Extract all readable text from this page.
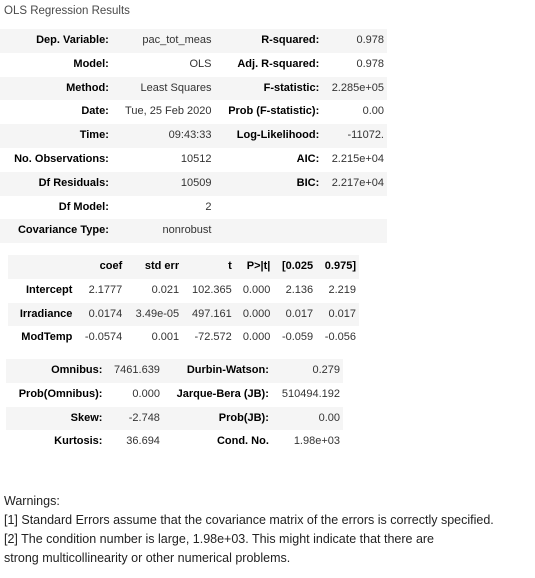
OLS Regression Results
Dep. Variable:	pac_tot_meas	R-squared:	0.978
Model:	OLS	Adj. R-squared:	0.978
Method:	Least Squares	F-statistic:	2.285e+05
Date:	Tue, 25 Feb 2020	Prob (F-statistic):	0.00
Time:	09:43:33	Log-Likelihood:	-11072.
No. Observations:	10512	AIC:	2.215e+04
Df Residuals:	10509	BIC:	2.217e+04
Df Model:	2		
Covariance Type:	nonrobust		
	coef	std err	t	P>|t|	[0.025	0.975]
Intercept	2.1777	0.021	102.365	0.000	2.136	2.219
Irradiance	0.0174	3.49e-05	497.161	0.000	0.017	0.017
ModTemp	-0.0574	0.001	-72.572	0.000	-0.059	-0.056
Omnibus:	7461.639	Durbin-Watson:	0.279
Prob(Omnibus):	0.000	Jarque-Bera (JB):	510494.192
Skew:	-2.748	Prob(JB):	0.00
Kurtosis:	36.694	Cond. No.	1.98e+03
Warnings:
[1] Standard Errors assume that the covariance matrix of the errors is correctly specified.
[2] The condition number is large, 1.98e+03. This might indicate that there are
strong multicollinearity or other numerical problems.
